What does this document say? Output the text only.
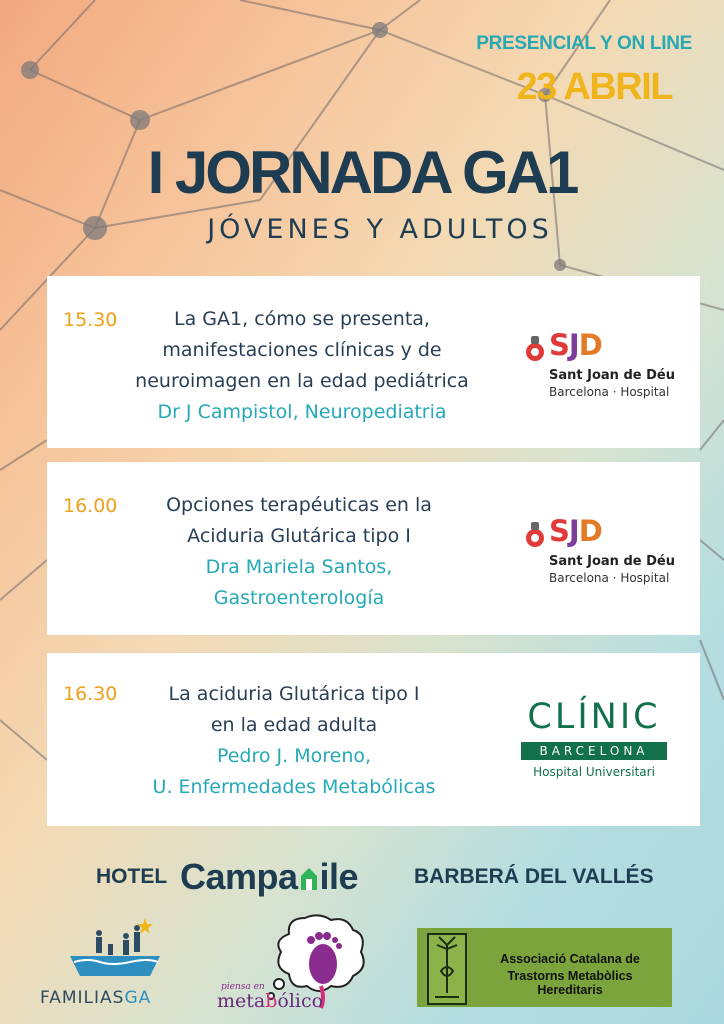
PRESENCIAL Y ON LINE
23 ABRIL
I JORNADA GA1
JÓVENES Y ADULTOS
15.30	La GA1, cómo se presenta,
manifestaciones clínicas y de
neuroimagen en la edad pediátrica
Dr J Campistol, Neuropediatria
SJD
Sant Joan de Déu
Barcelona · Hospital
16.00	Opciones terapéuticas en la
Aciduria Glutárica tipo I
Dra Mariela Santos,
Gastroenterología
SJD
Sant Joan de Déu
Barcelona · Hospital
16.30	La aciduria Glutárica tipo I
en la edad adulta
Pedro J. Moreno,
U. Enfermedades Metabólicas
CLÍNIC
BARCELONA
Hospital Universitari
HOTEL Campa ile	BARBERÁ DEL VALLÉS
FAMILIASGA
piensa en
metabólico
Associació Catalana de
Trastorns Metabòlics Hereditaris
